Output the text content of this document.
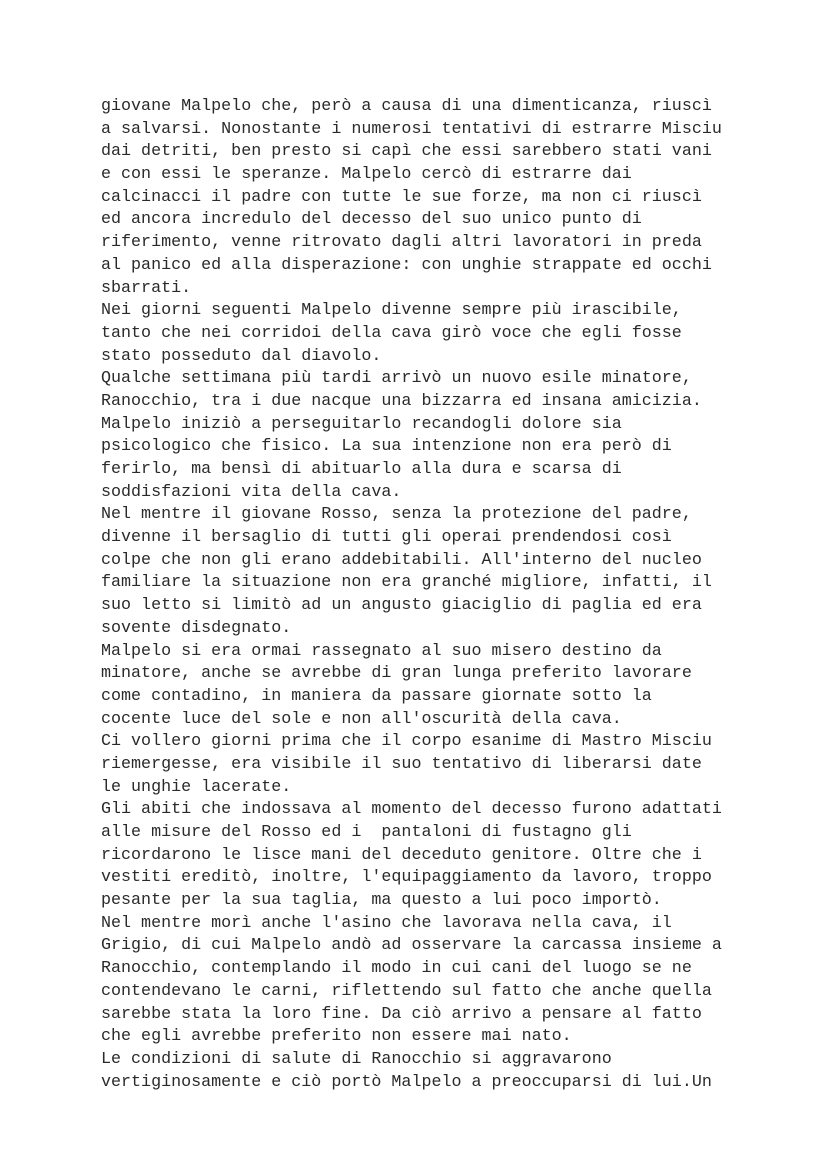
giovane Malpelo che, però a causa di una dimenticanza, riuscì
a salvarsi. Nonostante i numerosi tentativi di estrarre Misciu
dai detriti, ben presto si capì che essi sarebbero stati vani
e con essi le speranze. Malpelo cercò di estrarre dai
calcinacci il padre con tutte le sue forze, ma non ci riuscì
ed ancora incredulo del decesso del suo unico punto di
riferimento, venne ritrovato dagli altri lavoratori in preda
al panico ed alla disperazione: con unghie strappate ed occhi
sbarrati.
Nei giorni seguenti Malpelo divenne sempre più irascibile,
tanto che nei corridoi della cava girò voce che egli fosse
stato posseduto dal diavolo.
Qualche settimana più tardi arrivò un nuovo esile minatore,
Ranocchio, tra i due nacque una bizzarra ed insana amicizia.
Malpelo iniziò a perseguitarlo recandogli dolore sia
psicologico che fisico. La sua intenzione non era però di
ferirlo, ma bensì di abituarlo alla dura e scarsa di
soddisfazioni vita della cava.
Nel mentre il giovane Rosso, senza la protezione del padre,
divenne il bersaglio di tutti gli operai prendendosi così
colpe che non gli erano addebitabili. All'interno del nucleo
familiare la situazione non era granché migliore, infatti, il
suo letto si limitò ad un angusto giaciglio di paglia ed era
sovente disdegnato.
Malpelo si era ormai rassegnato al suo misero destino da
minatore, anche se avrebbe di gran lunga preferito lavorare
come contadino, in maniera da passare giornate sotto la
cocente luce del sole e non all'oscurità della cava.
Ci vollero giorni prima che il corpo esanime di Mastro Misciu
riemergesse, era visibile il suo tentativo di liberarsi date
le unghie lacerate.
Gli abiti che indossava al momento del decesso furono adattati
alle misure del Rosso ed i  pantaloni di fustagno gli
ricordarono le lisce mani del deceduto genitore. Oltre che i
vestiti ereditò, inoltre, l'equipaggiamento da lavoro, troppo
pesante per la sua taglia, ma questo a lui poco importò.
Nel mentre morì anche l'asino che lavorava nella cava, il
Grigio, di cui Malpelo andò ad osservare la carcassa insieme a
Ranocchio, contemplando il modo in cui cani del luogo se ne
contendevano le carni, riflettendo sul fatto che anche quella
sarebbe stata la loro fine. Da ciò arrivo a pensare al fatto
che egli avrebbe preferito non essere mai nato.
Le condizioni di salute di Ranocchio si aggravarono
vertiginosamente e ciò portò Malpelo a preoccuparsi di lui.Un
